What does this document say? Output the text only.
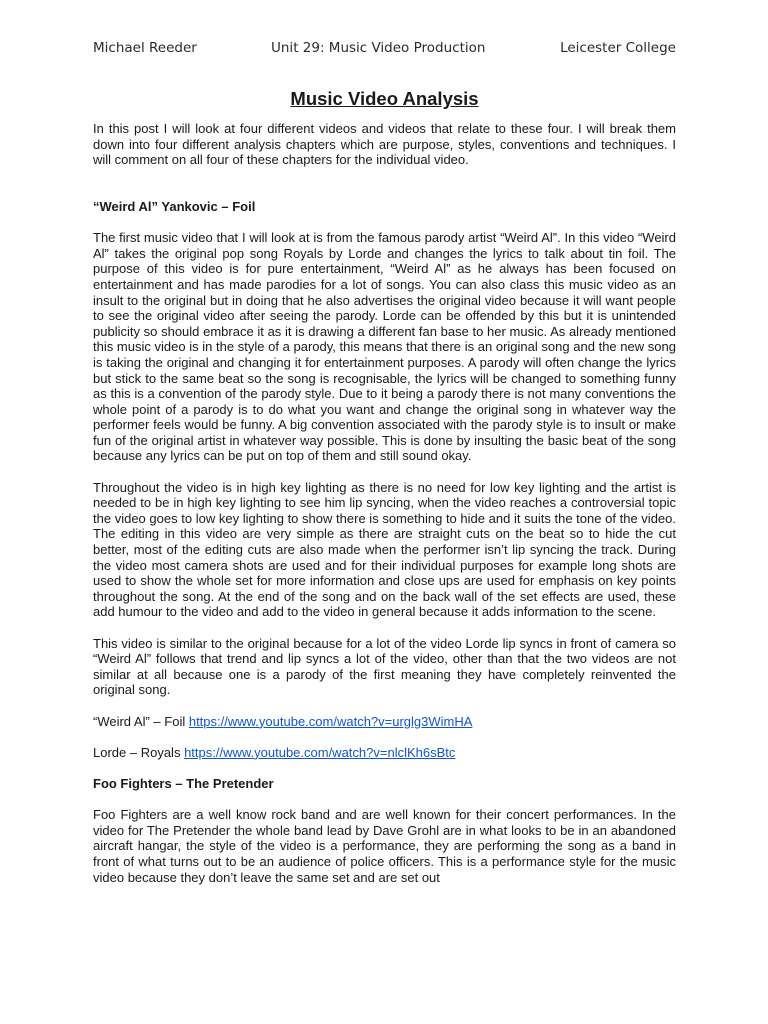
Michael Reeder	Unit 29: Music Video Production	Leicester College
Music Video Analysis

In this post I will look at four different videos and videos that relate to these four. I will break them down into four different analysis chapters which are purpose, styles, conventions and techniques. I will comment on all four of these chapters for the individual video.

“Weird Al” Yankovic – Foil

The first music video that I will look at is from the famous parody artist “Weird Al”. In this video “Weird Al” takes the original pop song Royals by Lorde and changes the lyrics to talk about tin foil. The purpose of this video is for pure entertainment, “Weird Al” as he always has been focused on entertainment and has made parodies for a lot of songs. You can also class this music video as an insult to the original but in doing that he also advertises the original video because it will want people to see the original video after seeing the parody. Lorde can be offended by this but it is unintended publicity so should embrace it as it is drawing a different fan base to her music. As already mentioned this music video is in the style of a parody, this means that there is an original song and the new song is taking the original and changing it for entertainment purposes. A parody will often change the lyrics but stick to the same beat so the song is recognisable, the lyrics will be changed to something funny as this is a convention of the parody style. Due to it being a parody there is not many conventions the whole point of a parody is to do what you want and change the original song in whatever way the performer feels would be funny. A big convention associated with the parody style is to insult or make fun of the original artist in whatever way possible. This is done by insulting the basic beat of the song because any lyrics can be put on top of them and still sound okay.

Throughout the video is in high key lighting as there is no need for low key lighting and the artist is needed to be in high key lighting to see him lip syncing, when the video reaches a controversial topic the video goes to low key lighting to show there is something to hide and it suits the tone of the video. The editing in this video are very simple as there are straight cuts on the beat so to hide the cut better, most of the editing cuts are also made when the performer isn’t lip syncing the track. During the video most camera shots are used and for their individual purposes for example long shots are used to show the whole set for more information and close ups are used for emphasis on key points throughout the song. At the end of the song and on the back wall of the set effects are used, these add humour to the video and add to the video in general because it adds information to the scene.

This video is similar to the original because for a lot of the video Lorde lip syncs in front of camera so “Weird Al” follows that trend and lip syncs a lot of the video, other than that the two videos are not similar at all because one is a parody of the first meaning they have completely reinvented the original song.

“Weird Al” – Foil https://www.youtube.com/watch?v=urglg3WimHA

Lorde – Royals https://www.youtube.com/watch?v=nlclKh6sBtc

Foo Fighters – The Pretender

Foo Fighters are a well know rock band and are well known for their concert performances. In the video for The Pretender the whole band lead by Dave Grohl are in what looks to be in an abandoned aircraft hangar, the style of the video is a performance, they are performing the song as a band in front of what turns out to be an audience of police officers. This is a performance style for the music video because they don’t leave the same set and are set out
